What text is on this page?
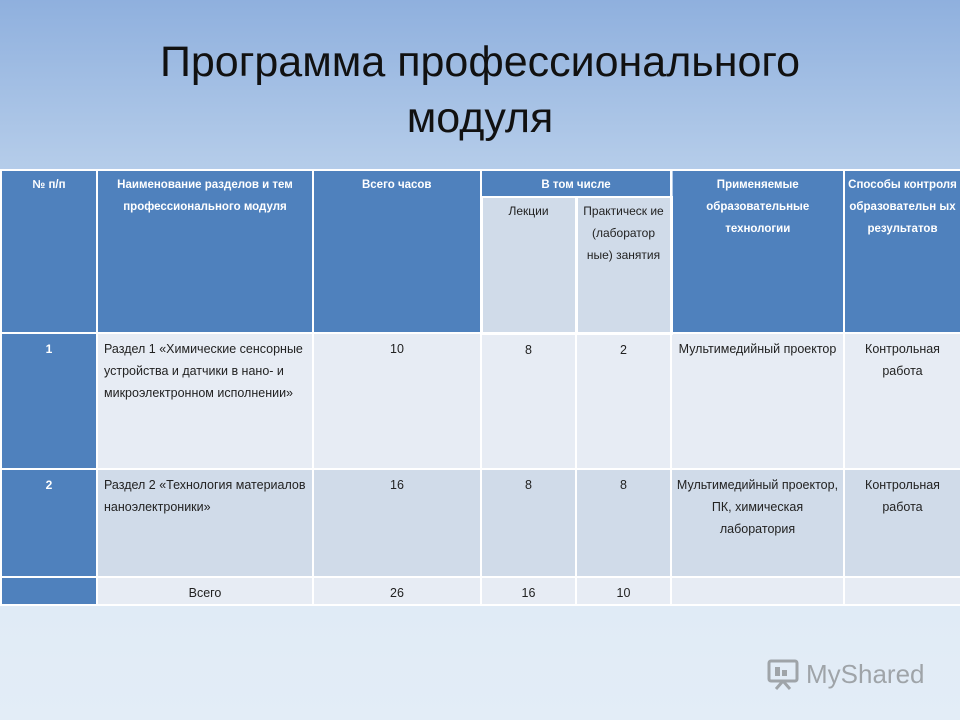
Программа профессионального
модуля
№ п/п	Наименование разделов и тем профессионального модуля	Всего часов	В том числе		Применяемые образовательные технологии	Способы контроля образовательн ых результатов
			Лекции	Практическ ие (лаборатор ные) занятия		
1	Раздел 1 «Химические сенсорные устройства и датчики в нано- и микроэлектронном исполнении»	10	8	2	Мультимедийный проектор	Контрольная работа
2	Раздел 2 «Технология материалов наноэлектроники»	16	8	8	Мультимедийный проектор, ПК, химическая лаборатория	Контрольная работа
	Всего	26	16	10		
MyShared
